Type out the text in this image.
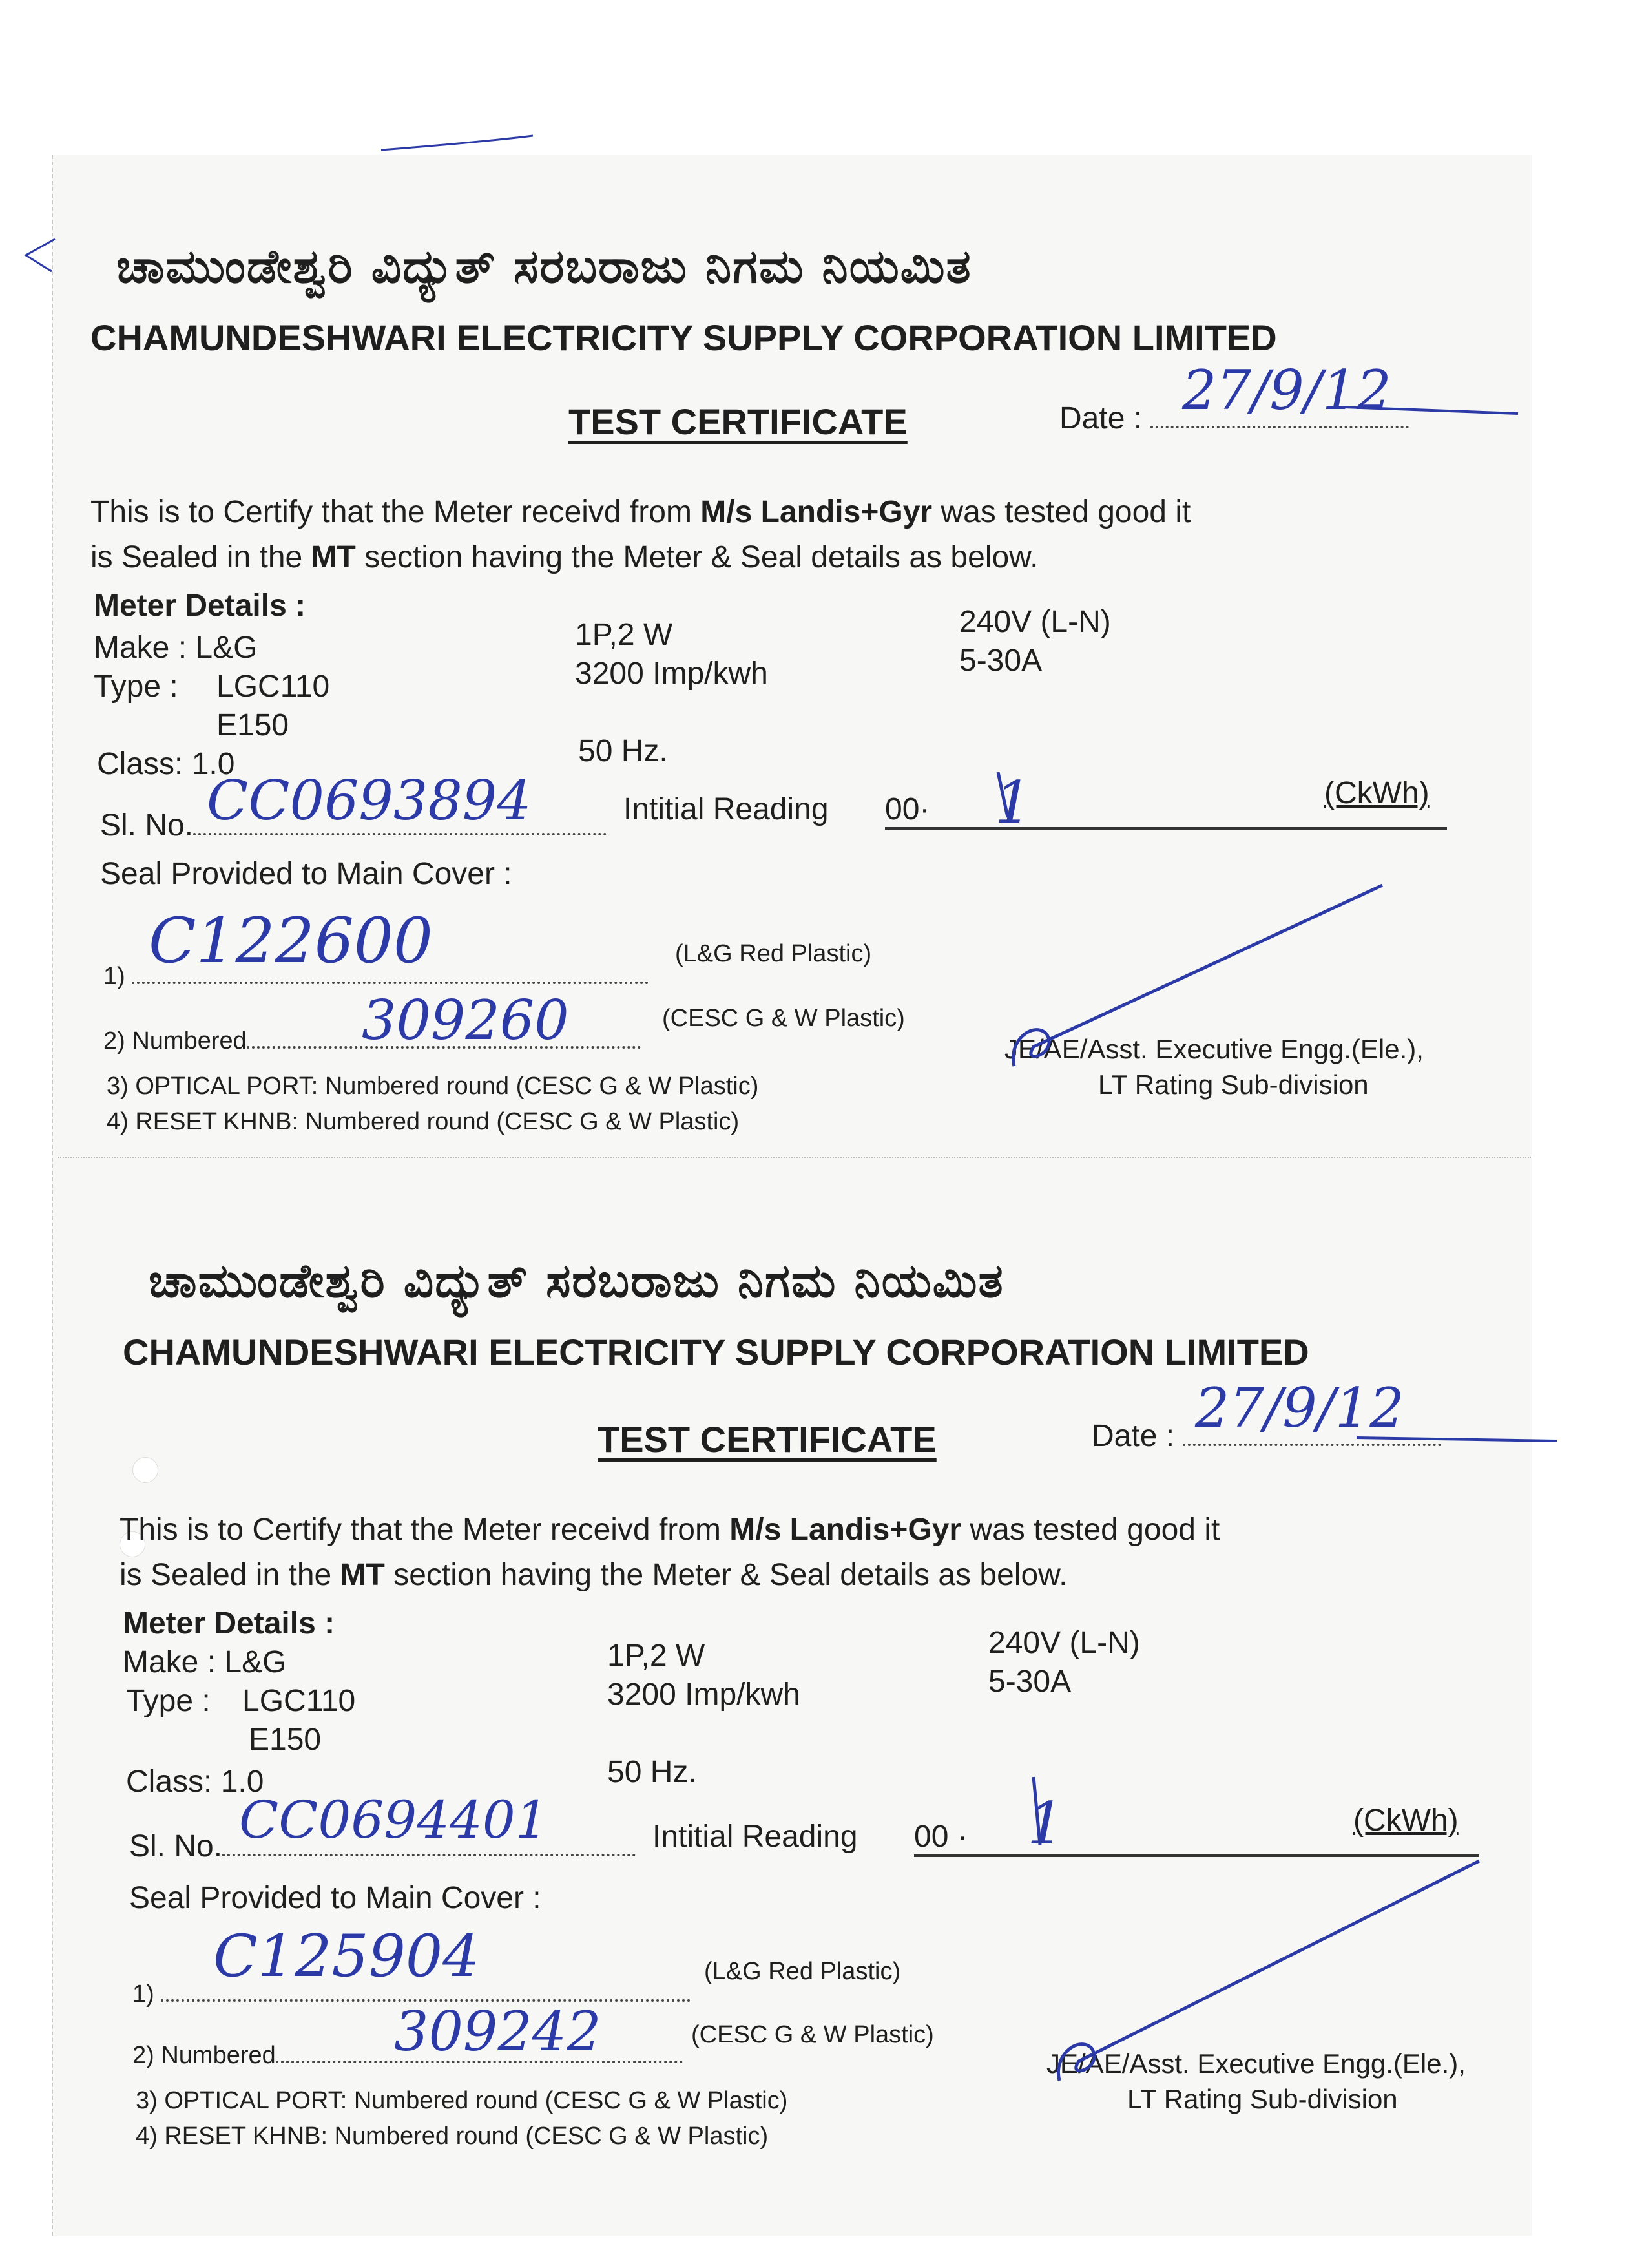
ಚಾಮುಂಡೇಶ್ವರಿ ವಿದ್ಯುತ್ ಸರಬರಾಜು ನಿಗಮ ನಿಯಮಿತ
CHAMUNDESHWARI ELECTRICITY SUPPLY CORPORATION LIMITED
TEST CERTIFICATE	Date : 27/9/12
This is to Certify that the Meter receivd from M/s Landis+Gyr was tested good it
is Sealed in the MT section having the Meter & Seal details as below.
Meter Details :
Make : L&G
Type : LGC110
E150
Class: 1.0
1P,2 W
3200 Imp/kwh
50 Hz.
240V (L-N)
5-30A
Sl. No. CC0693894	Intitial Reading 00·	1	(CkWh)
Seal Provided to Main Cover :
1) C122600	(L&G Red Plastic)
2) Numbered	309260	(CESC G & W Plastic)
3) OPTICAL PORT: Numbered round (CESC G & W Plastic)
4) RESET KHNB: Numbered round (CESC G & W Plastic)
JE/AE/Asst. Executive Engg.(Ele.),
LT Rating Sub-division
ಚಾಮುಂಡೇಶ್ವರಿ ವಿದ್ಯುತ್ ಸರಬರಾಜು ನಿಗಮ ನಿಯಮಿತ
CHAMUNDESHWARI ELECTRICITY SUPPLY CORPORATION LIMITED
TEST CERTIFICATE	Date : 27/9/12
This is to Certify that the Meter receivd from M/s Landis+Gyr was tested good it
is Sealed in the MT section having the Meter & Seal details as below.
Meter Details :
Make : L&G
Type : LGC110
E150
Class: 1.0
1P,2 W
3200 Imp/kwh
50 Hz.
240V (L-N)
5-30A
Sl. No. CC0694401	Intitial Reading 00 ·	1	(CkWh)
Seal Provided to Main Cover :
1)
C125904	(L&G Red Plastic)
2) Numbered	309242	(CESC G & W Plastic)
3) OPTICAL PORT: Numbered round (CESC G & W Plastic)
4) RESET KHNB: Numbered round (CESC G & W Plastic)
JE/AE/Asst. Executive Engg.(Ele.),
LT Rating Sub-division
